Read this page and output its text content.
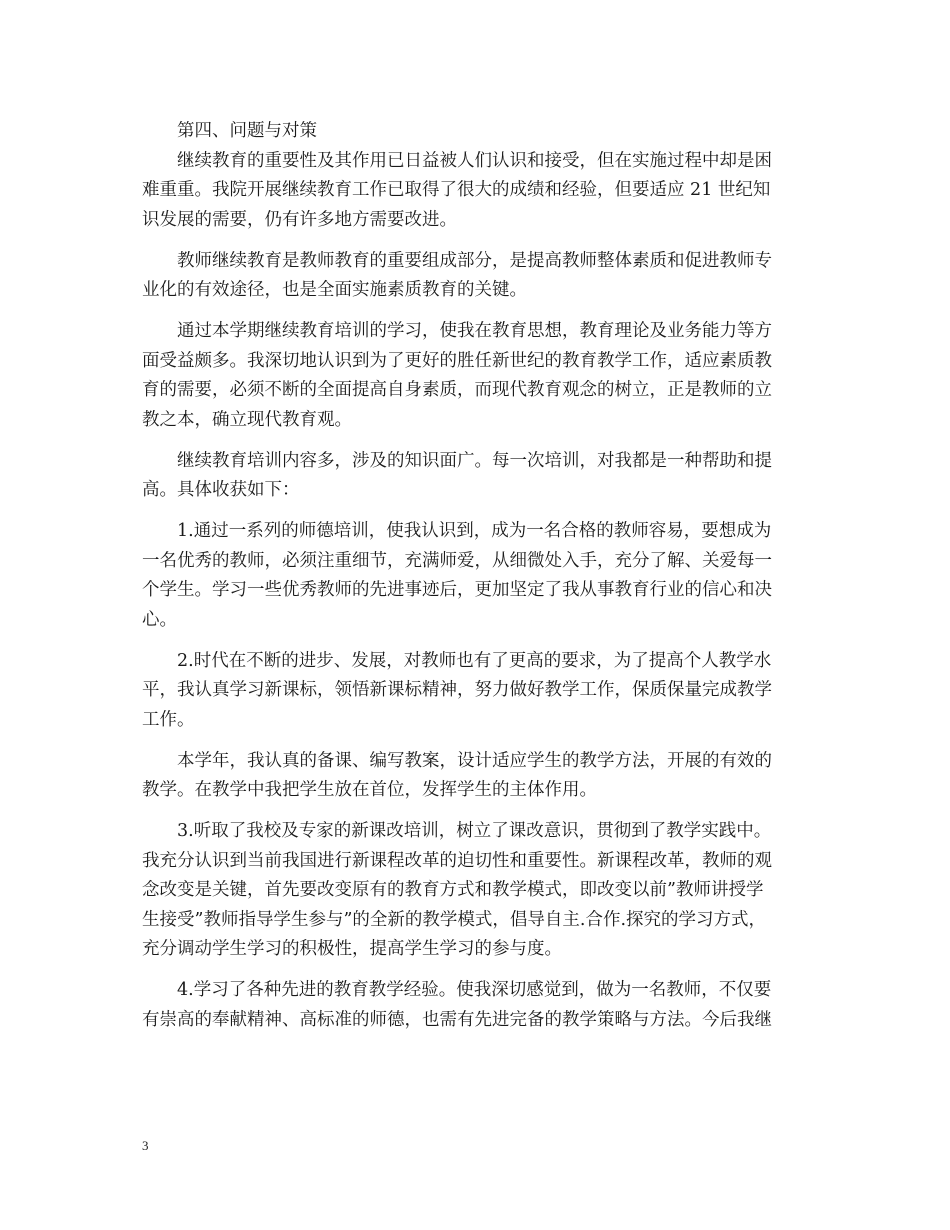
第四、问题与对策
继续教育的重要性及其作用已日益被人们认识和接受，但在实施过程中却是困
难重重。我院开展继续教育工作已取得了很大的成绩和经验，但要适应 21 世纪知
识发展的需要，仍有许多地方需要改进。
教师继续教育是教师教育的重要组成部分，是提高教师整体素质和促进教师专
业化的有效途径，也是全面实施素质教育的关键。
通过本学期继续教育培训的学习，使我在教育思想，教育理论及业务能力等方
面受益颇多。我深切地认识到为了更好的胜任新世纪的教育教学工作，适应素质教
育的需要，必须不断的全面提高自身素质，而现代教育观念的树立，正是教师的立
教之本，确立现代教育观。
继续教育培训内容多，涉及的知识面广。每一次培训，对我都是一种帮助和提
高。具体收获如下：
1.通过一系列的师德培训，使我认识到，成为一名合格的教师容易，要想成为
一名优秀的教师，必须注重细节，充满师爱，从细微处入手，充分了解、关爱每一
个学生。学习一些优秀教师的先进事迹后，更加坚定了我从事教育行业的信心和决
心。
2.时代在不断的进步、发展，对教师也有了更高的要求，为了提高个人教学水
平，我认真学习新课标，领悟新课标精神，努力做好教学工作，保质保量完成教学
工作。
本学年，我认真的备课、编写教案，设计适应学生的教学方法，开展的有效的
教学。在教学中我把学生放在首位，发挥学生的主体作用。
3.听取了我校及专家的新课改培训，树立了课改意识，贯彻到了教学实践中。
我充分认识到当前我国进行新课程改革的迫切性和重要性。新课程改革，教师的观
念改变是关键，首先要改变原有的教育方式和教学模式，即改变以前”教师讲授学
生接受”教师指导学生参与”的全新的教学模式，倡导自主.合作.探究的学习方式，
充分调动学生学习的积极性，提高学生学习的参与度。
4.学习了各种先进的教育教学经验。使我深切感觉到，做为一名教师，不仅要
有崇高的奉献精神、高标准的师德，也需有先进完备的教学策略与方法。今后我继
3
